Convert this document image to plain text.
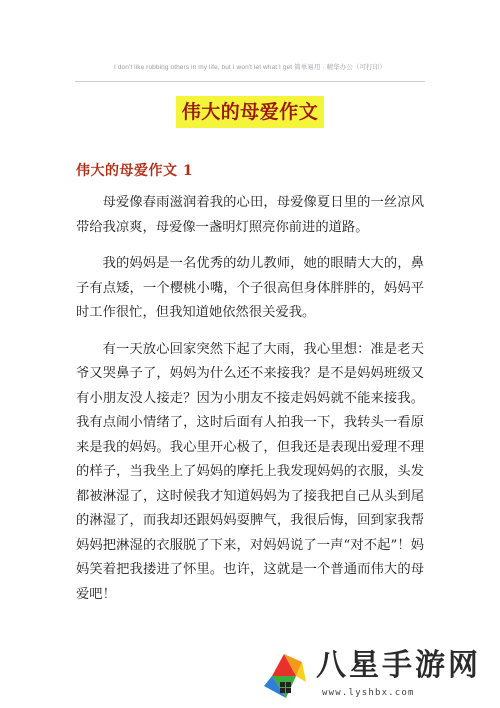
I don't like robbing others in my life, but I won't let what I get 简单易用 · 精华办公（可打印）
伟大的母爱作文
伟大的母爱作文 1

母爱像春雨滋润着我的心田，母爱像夏日里的一丝凉风带给我凉爽，母爱像一盏明灯照亮你前进的道路。

我的妈妈是一名优秀的幼儿教师，她的眼睛大大的，鼻子有点矮，一个樱桃小嘴，个子很高但身体胖胖的，妈妈平时工作很忙，但我知道她依然很关爱我。

有一天放心回家突然下起了大雨，我心里想：准是老天爷又哭鼻子了，妈妈为什么还不来接我？是不是妈妈班级又有小朋友没人接走？因为小朋友不接走妈妈就不能来接我。我有点闹小情绪了，这时后面有人拍我一下，我转头一看原来是我的妈妈。我心里开心极了，但我还是表现出爱理不理的样子，当我坐上了妈妈的摩托上我发现妈妈的衣服，头发都被淋湿了，这时候我才知道妈妈为了接我把自己从头到尾的淋湿了，而我却还跟妈妈耍脾气，我很后悔，回到家我帮妈妈把淋湿的衣服脱了下来，对妈妈说了一声“对不起”！妈妈笑着把我搂进了怀里。也许，这就是一个普通而伟大的母爱吧！

八星手游网
www.lyshbx.com
